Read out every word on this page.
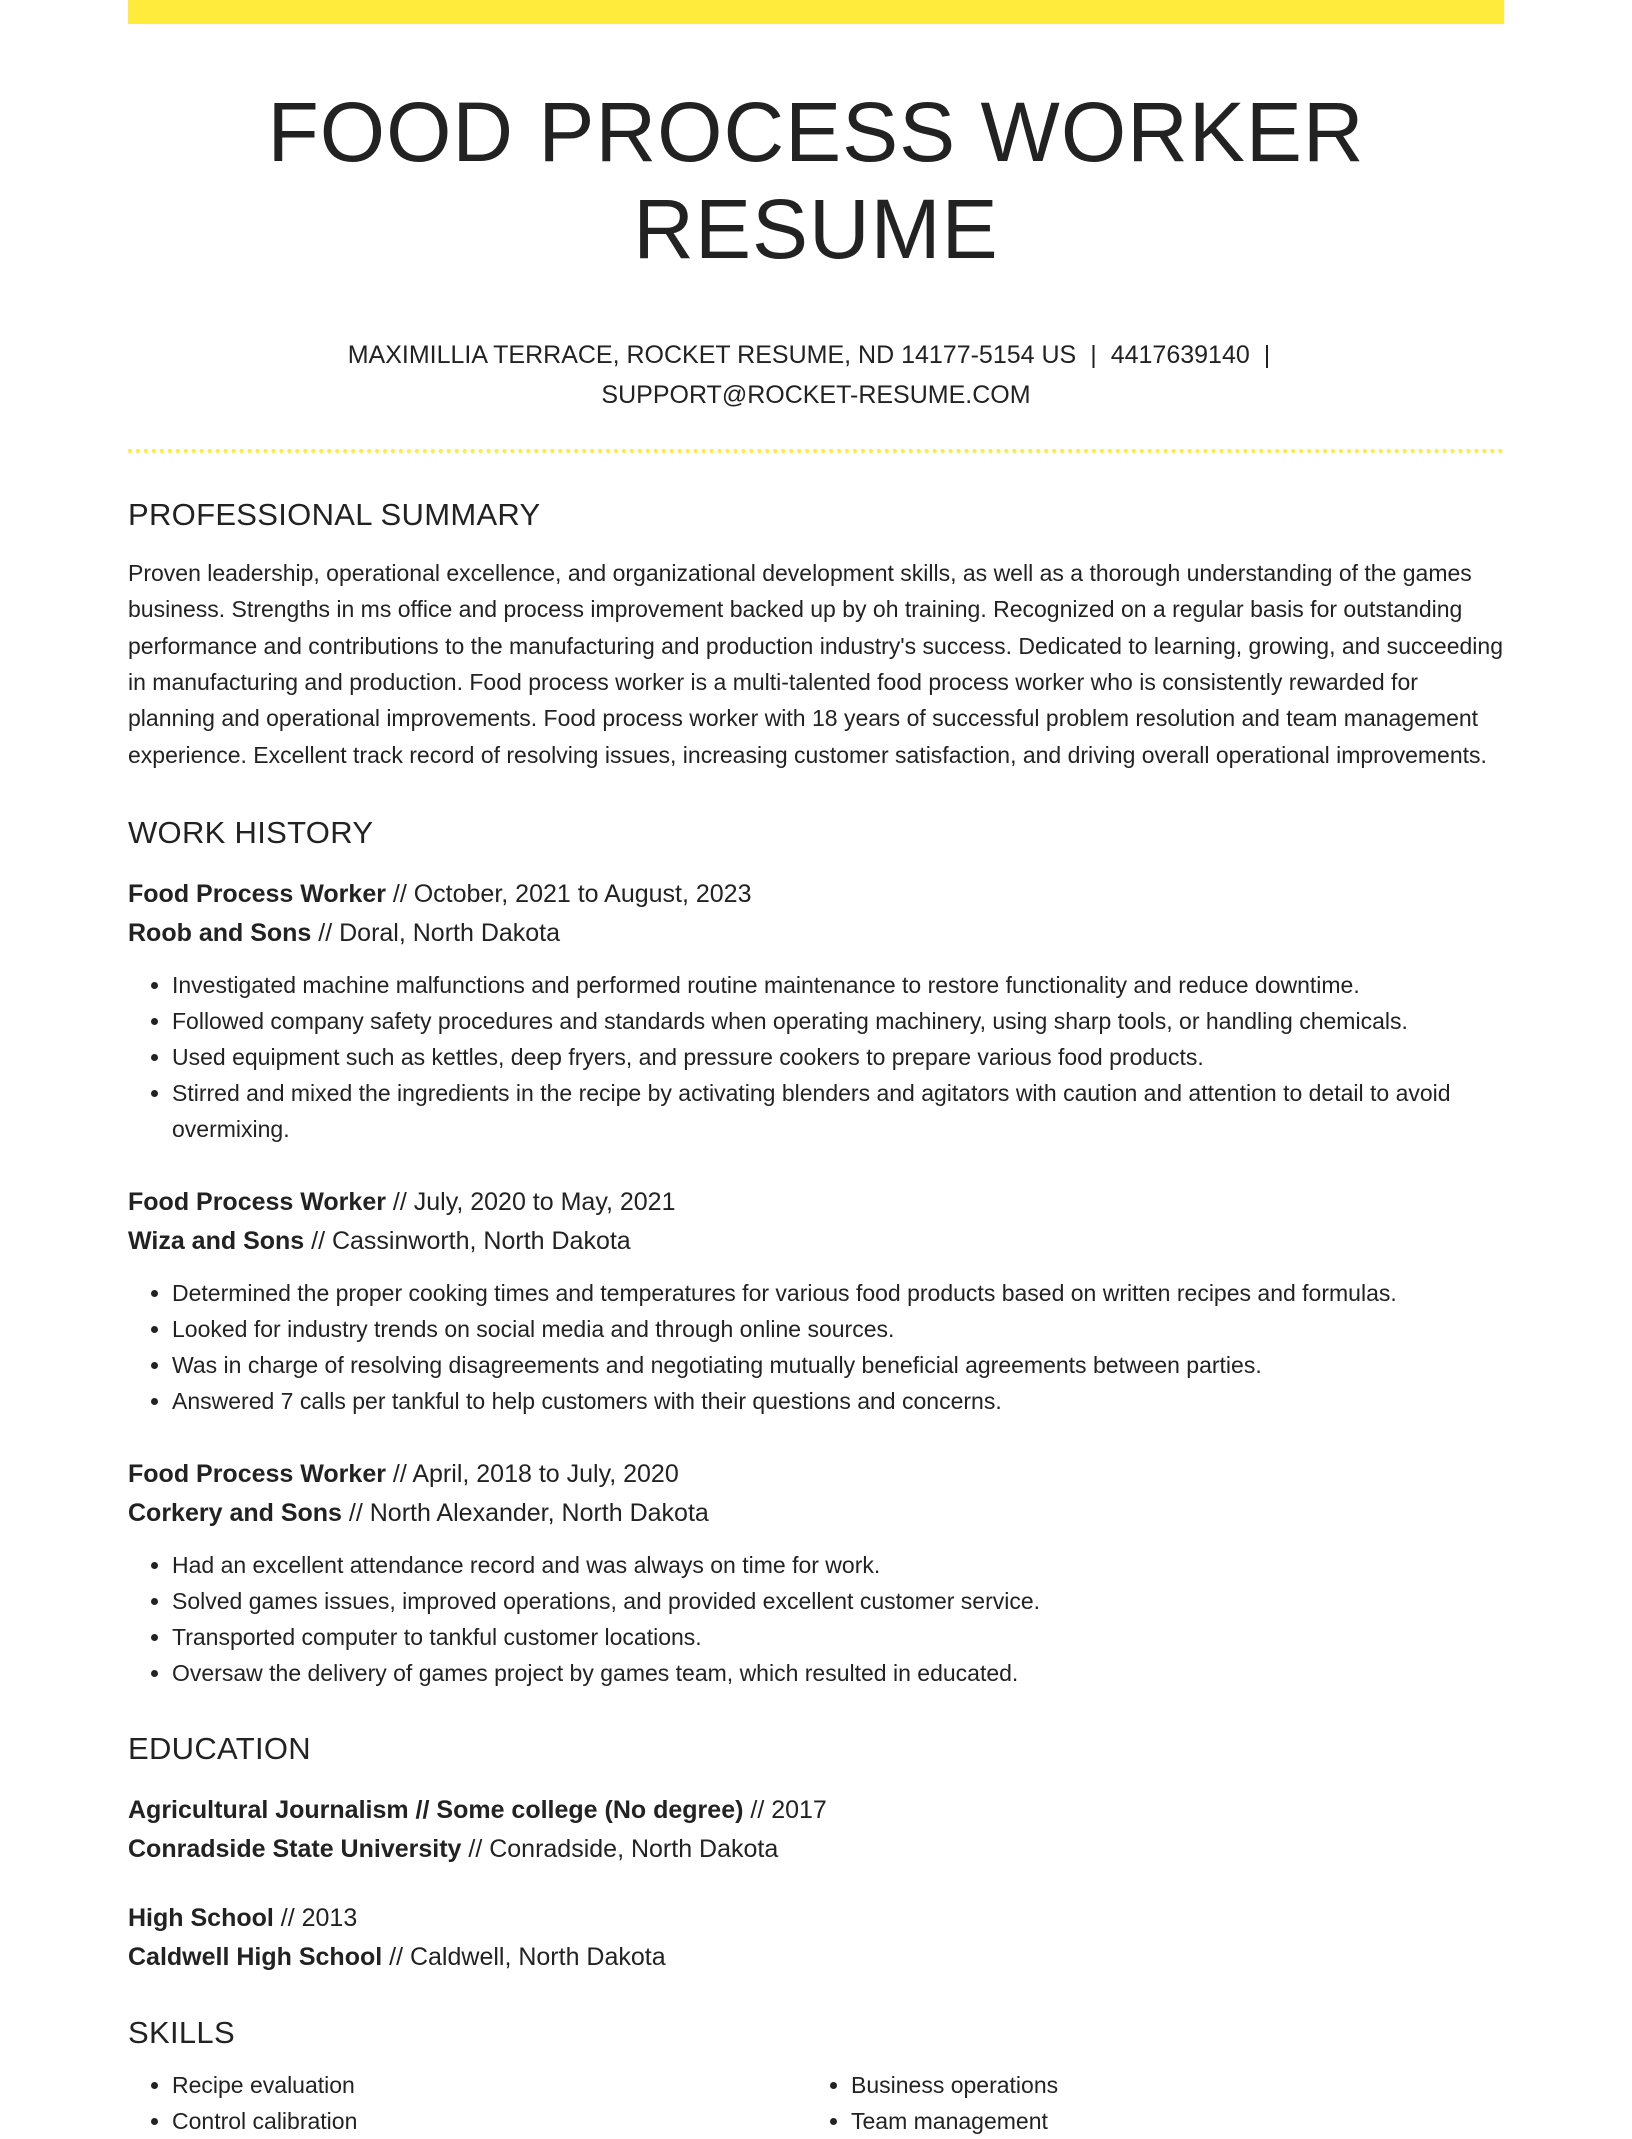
FOOD PROCESS WORKER RESUME
MAXIMILLIA TERRACE, ROCKET RESUME, ND 14177-5154 US | 4417639140 |
SUPPORT@ROCKET-RESUME.COM
PROFESSIONAL SUMMARY
Proven leadership, operational excellence, and organizational development skills, as well as a thorough understanding of the games business. Strengths in ms office and process improvement backed up by oh training. Recognized on a regular basis for outstanding performance and contributions to the manufacturing and production industry's success. Dedicated to learning, growing, and succeeding in manufacturing and production. Food process worker is a multi-talented food process worker who is consistently rewarded for planning and operational improvements. Food process worker with 18 years of successful problem resolution and team management experience. Excellent track record of resolving issues, increasing customer satisfaction, and driving overall operational improvements.
WORK HISTORY
Food Process Worker // October, 2021 to August, 2023
Roob and Sons // Doral, North Dakota
• Investigated machine malfunctions and performed routine maintenance to restore functionality and reduce downtime.
• Followed company safety procedures and standards when operating machinery, using sharp tools, or handling chemicals.
• Used equipment such as kettles, deep fryers, and pressure cookers to prepare various food products.
• Stirred and mixed the ingredients in the recipe by activating blenders and agitators with caution and attention to detail to avoid overmixing.
Food Process Worker // July, 2020 to May, 2021
Wiza and Sons // Cassinworth, North Dakota
• Determined the proper cooking times and temperatures for various food products based on written recipes and formulas.
• Looked for industry trends on social media and through online sources.
• Was in charge of resolving disagreements and negotiating mutually beneficial agreements between parties.
• Answered 7 calls per tankful to help customers with their questions and concerns.
Food Process Worker // April, 2018 to July, 2020
Corkery and Sons // North Alexander, North Dakota
• Had an excellent attendance record and was always on time for work.
• Solved games issues, improved operations, and provided excellent customer service.
• Transported computer to tankful customer locations.
• Oversaw the delivery of games project by games team, which resulted in educated.
EDUCATION
Agricultural Journalism // Some college (No degree) // 2017
Conradside State University // Conradside, North Dakota
High School // 2013
Caldwell High School // Caldwell, North Dakota
SKILLS
• Recipe evaluation
• Control calibration
• Business operations
• Team management
